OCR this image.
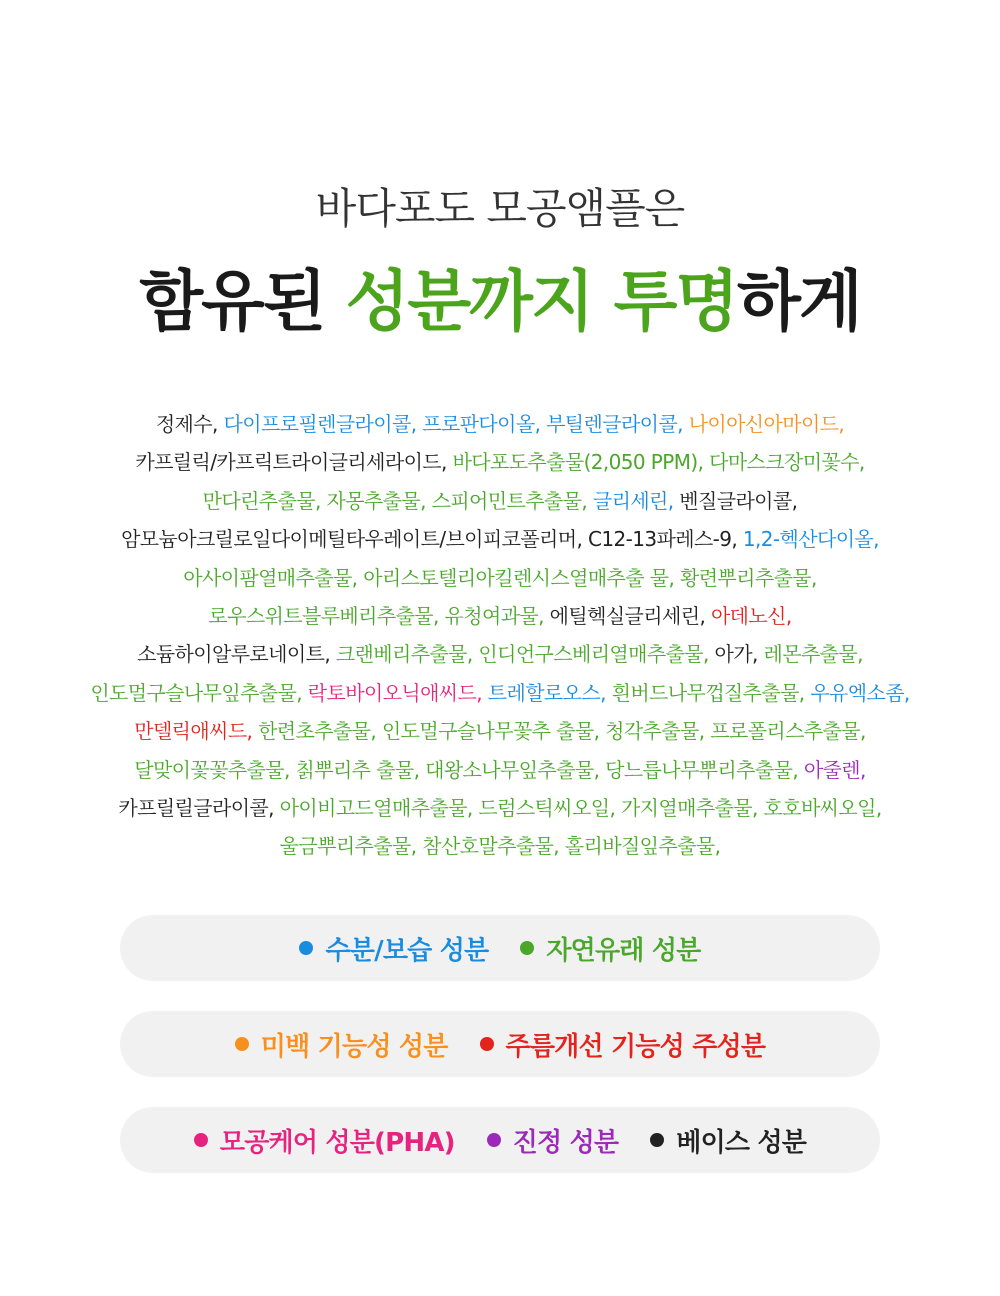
바다포도 모공앰플은
함유된 성분까지 투명하게
정제수, 다이프로필렌글라이콜, 프로판다이올, 부틸렌글라이콜, 나이아신아마이드,
카프릴릭/카프릭트라이글리세라이드, 바다포도추출물(2,050 PPM), 다마스크장미꽃수,
만다린추출물, 자몽추출물, 스피어민트추출물, 글리세린, 벤질글라이콜,
암모늄아크릴로일다이메틸타우레이트/브이피코폴리머, C12-13파레스-9, 1,2-헥산다이올,
아사이팜열매추출물, 아리스토텔리아킬렌시스열매추출 물, 황련뿌리추출물,
로우스위트블루베리추출물, 유청여과물, 에틸헥실글리세린, 아데노신,
소듐하이알루로네이트, 크랜베리추출물, 인디언구스베리열매추출물, 아가, 레몬추출물,
인도멀구슬나무잎추출물, 락토바이오닉애씨드, 트레할로오스, 흰버드나무껍질추출물, 우유엑소좀,
만델릭애씨드, 한련초추출물, 인도멀구슬나무꽃추 출물, 청각추출물, 프로폴리스추출물,
달맞이꽃꽃추출물, 칡뿌리추 출물, 대왕소나무잎추출물, 당느릅나무뿌리추출물, 아줄렌,
카프릴릴글라이콜, 아이비고드열매추출물, 드럼스틱씨오일, 가지열매추출물, 호호바씨오일,
울금뿌리추출물, 참산호말추출물, 홀리바질잎추출물,
수분/보습 성분 자연유래 성분
미백 기능성 성분 주름개선 기능성 주성분
모공케어 성분(PHA) 진정 성분 베이스 성분
